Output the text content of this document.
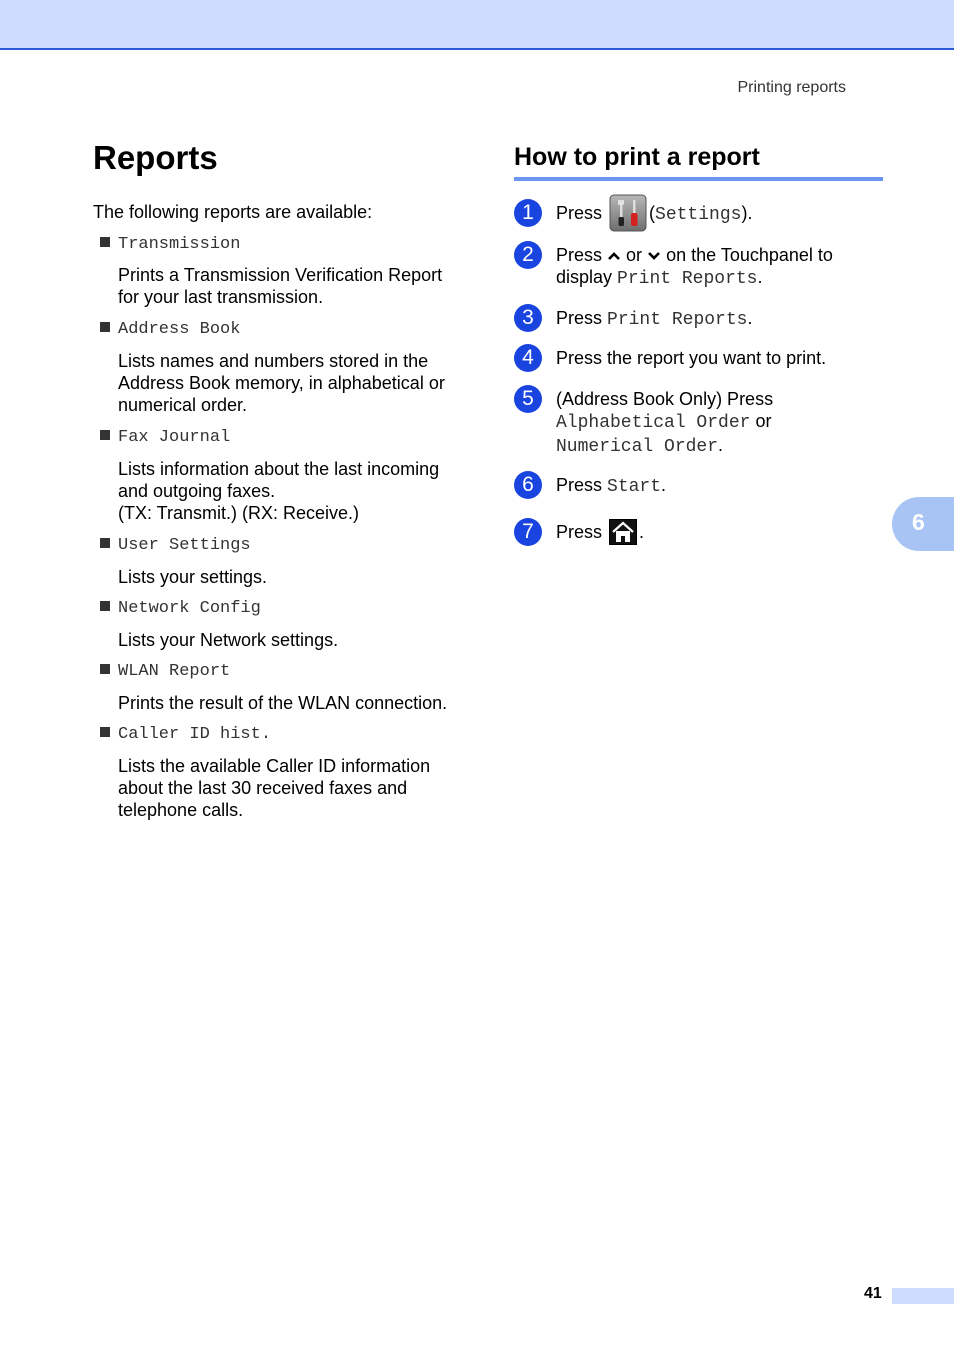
Printing reports
Reports
The following reports are available:
Transmission
Prints a Transmission Verification Report
for your last transmission.
Address Book
Lists names and numbers stored in the
Address Book memory, in alphabetical or
numerical order.
Fax Journal
Lists information about the last incoming
and outgoing faxes.
(TX: Transmit.) (RX: Receive.)
User Settings
Lists your settings.
Network Config
Lists your Network settings.
WLAN Report
Prints the result of the WLAN connection.
Caller ID hist.
Lists the available Caller ID information
about the last 30 received faxes and
telephone calls.
How to print a report
1	Press	(Settings).
2	Press or on the Touchpanel to
display Print Reports.
3	Press Print Reports.
4	Press the report you want to print.
5	(Address Book Only) Press
Alphabetical Order or
Numerical Order.
6	Press Start.
7	Press .	6
41
